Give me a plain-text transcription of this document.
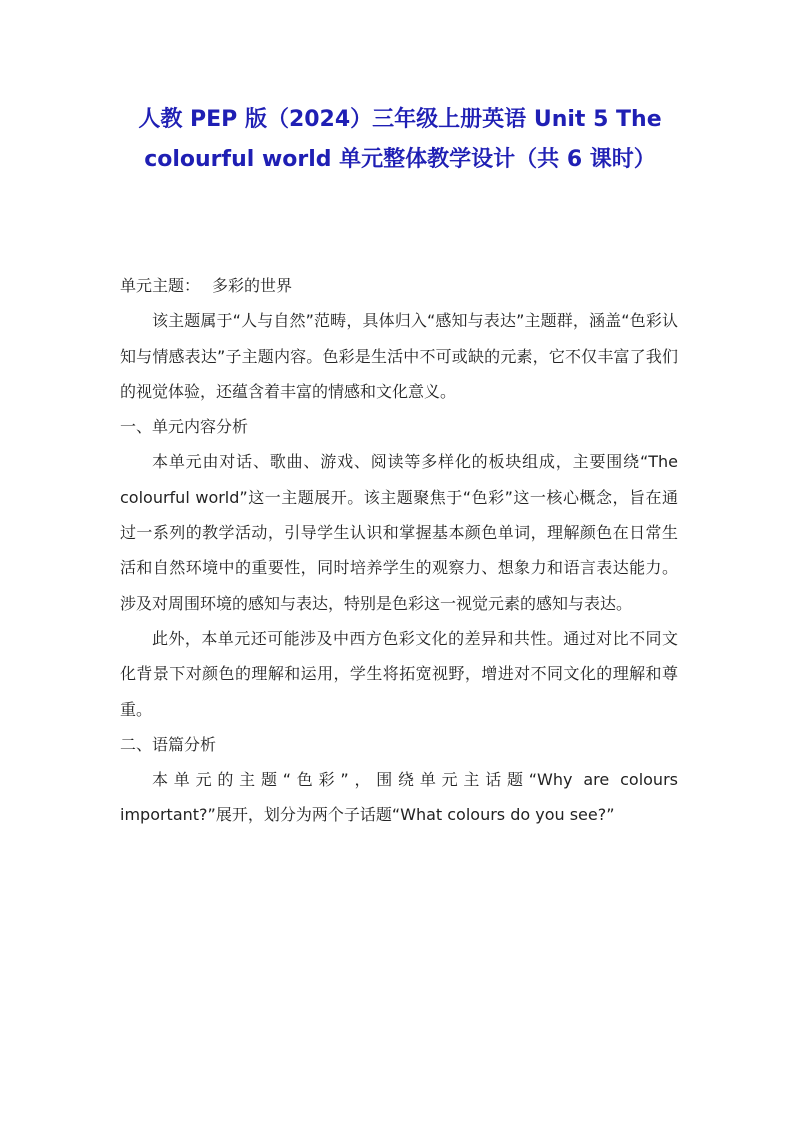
人教 PEP 版（2024）三年级上册英语 Unit 5 The
colourful world 单元整体教学设计（共 6 课时）

单元主题： 多彩的世界

该主题属于“人与自然”范畴，具体归入“感知与表达”主题群，涵盖“色彩认知与情感表达”子主题内容。色彩是生活中不可或缺的元素，它不仅丰富了我们的视觉体验，还蕴含着丰富的情感和文化意义。

一、单元内容分析

本单元由对话、歌曲、游戏、阅读等多样化的板块组成，主要围绕“The colourful world”这一主题展开。该主题聚焦于“色彩”这一核心概念，旨在通过一系列的教学活动，引导学生认识和掌握基本颜色单词，理解颜色在日常生活和自然环境中的重要性，同时培养学生的观察力、想象力和语言表达能力。涉及对周围环境的感知与表达，特别是色彩这一视觉元素的感知与表达。

此外，本单元还可能涉及中西方色彩文化的差异和共性。通过对比不同文化背景下对颜色的理解和运用，学生将拓宽视野，增进对不同文化的理解和尊重。

二、语篇分析

本单元的主题“色彩”，围绕单元主话题“Why are colours important?”展开，划分为两个子话题“What colours do you see?”
